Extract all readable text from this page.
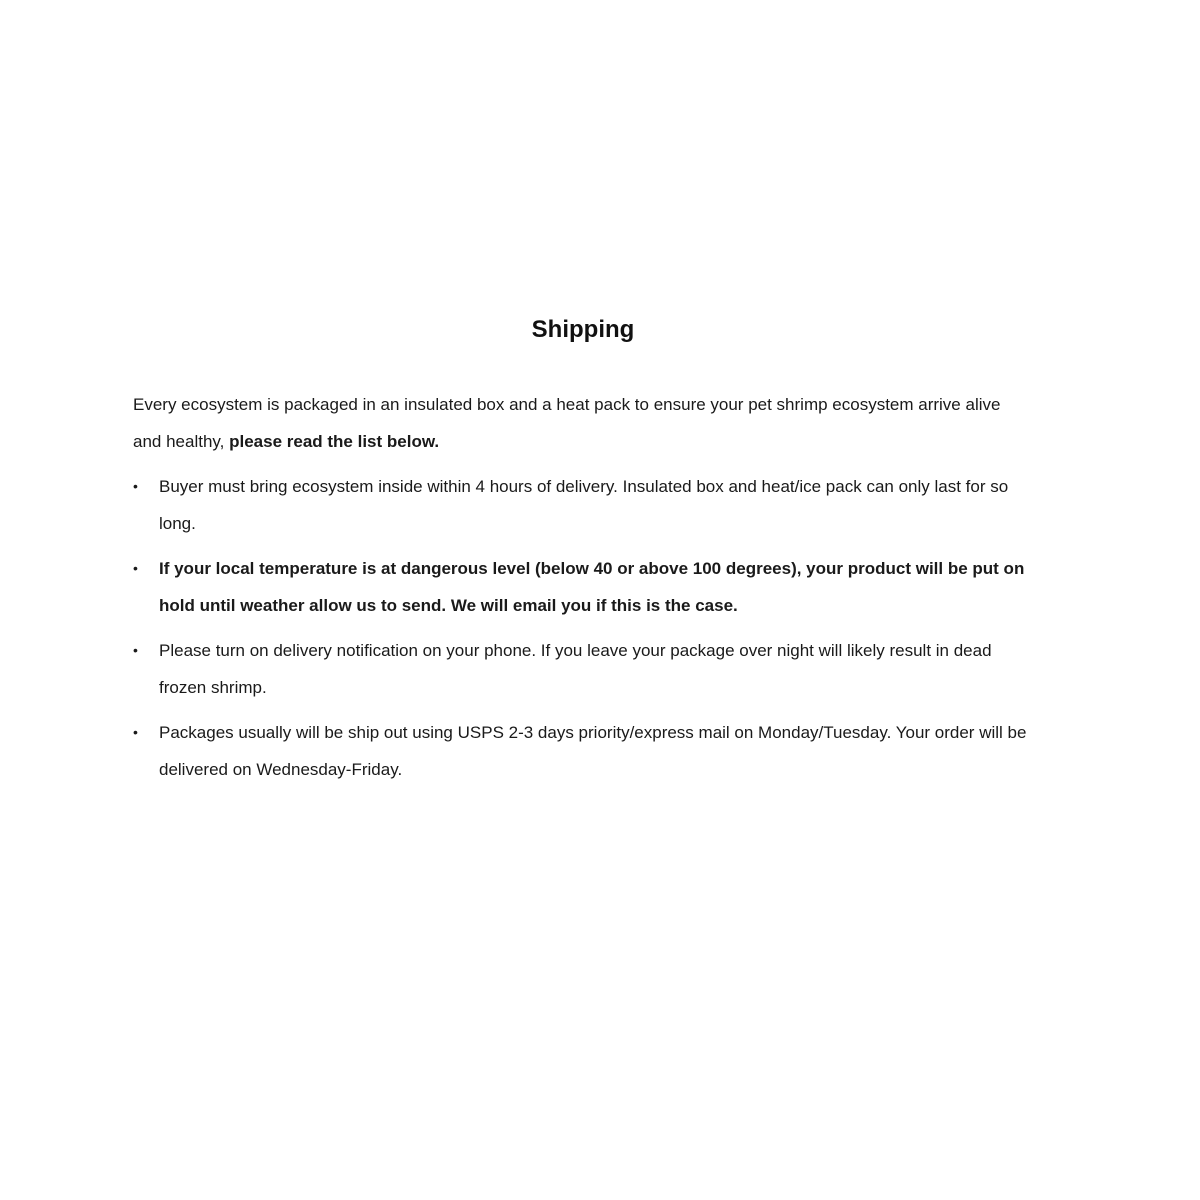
Shipping

Every ecosystem is packaged in an insulated box and a heat pack to ensure your pet shrimp ecosystem arrive alive and healthy, please read the list below.

• Buyer must bring ecosystem inside within 4 hours of delivery. Insulated box and heat/ice pack can only last for so long.
• If your local temperature is at dangerous level (below 40 or above 100 degrees), your product will be put on hold until weather allow us to send. We will email you if this is the case.
• Please turn on delivery notification on your phone. If you leave your package over night will likely result in dead frozen shrimp.
• Packages usually will be ship out using USPS 2-3 days priority/express mail on Monday/Tuesday. Your order will be delivered on Wednesday-Friday.
